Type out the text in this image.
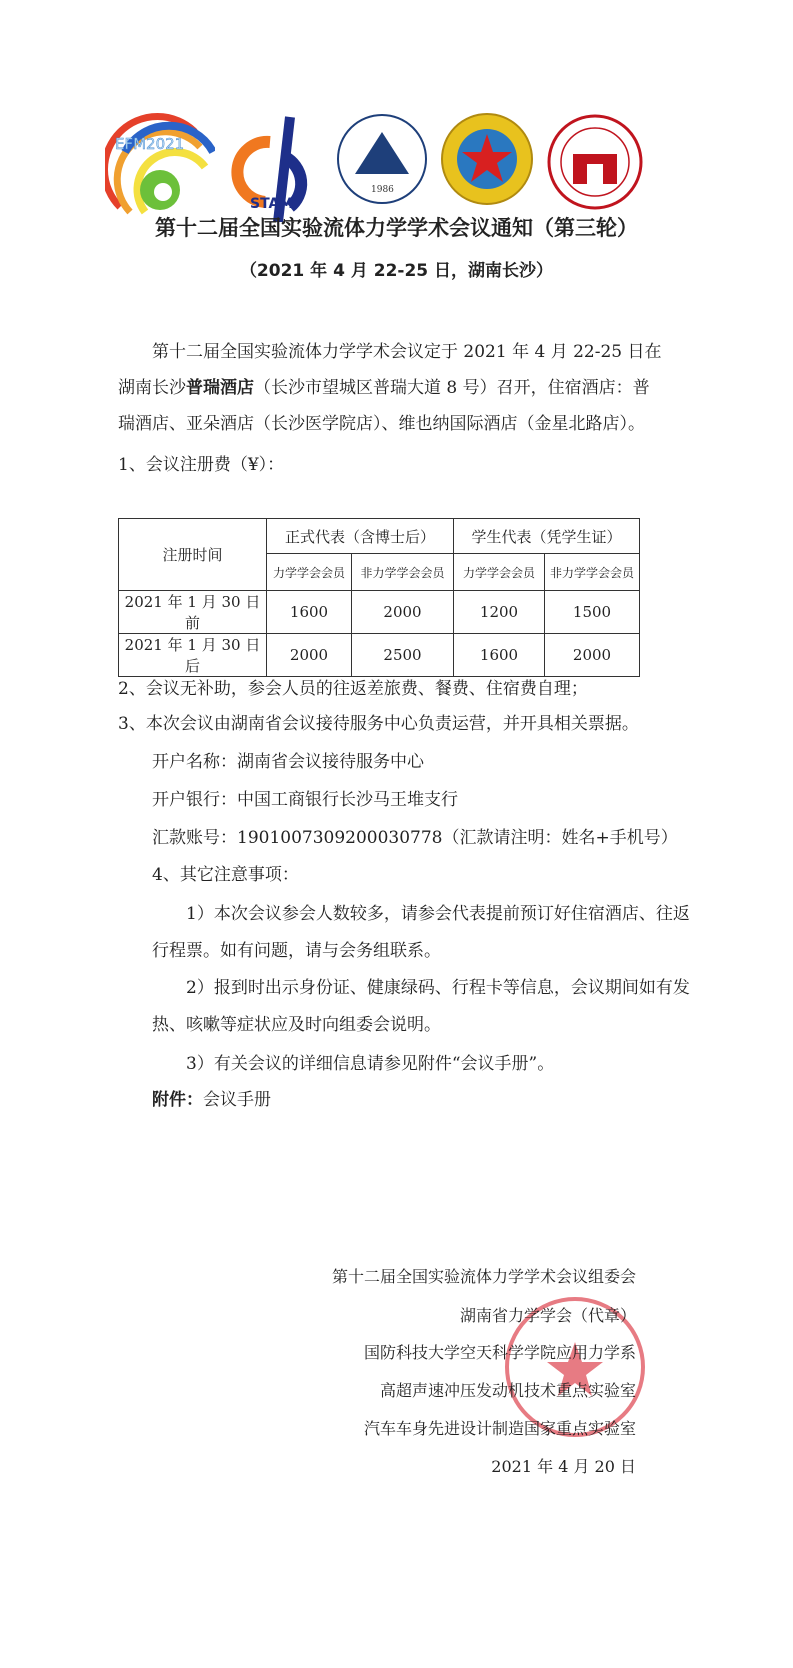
EFM2021
STAM
1986
第十二届全国实验流体力学学术会议通知（第三轮）
（2021 年 4 月 22-25 日，湖南长沙）
第十二届全国实验流体力学学术会议定于 2021 年 4 月 22-25 日在
湖南长沙普瑞酒店（长沙市望城区普瑞大道 8 号）召开，住宿酒店：普
瑞酒店、亚朵酒店（长沙医学院店）、维也纳国际酒店（金星北路店）。
1、会议注册费（¥）：
注册时间	正式代表（含博士后）		学生代表（凭学生证）	
	力学学会会员	非力学学会会员	力学学会会员	非力学学会会员
2021 年 1 月 30 日前	1600	2000	1200	1500
2021 年 1 月 30 日后	2000	2500	1600	2000
2、会议无补助，参会人员的往返差旅费、餐费、住宿费自理；
3、本次会议由湖南省会议接待服务中心负责运营，并开具相关票据。
开户名称：湖南省会议接待服务中心
开户银行：中国工商银行长沙马王堆支行
汇款账号：1901007309200030778（汇款请注明：姓名+手机号）
4、其它注意事项：
1）本次会议参会人数较多，请参会代表提前预订好住宿酒店、往返
行程票。如有问题，请与会务组联系。
2）报到时出示身份证、健康绿码、行程卡等信息，会议期间如有发
热、咳嗽等症状应及时向组委会说明。
3）有关会议的详细信息请参见附件“会议手册”。
附件：会议手册
第十二届全国实验流体力学学术会议组委会
湖南省力学学会（代章）
国防科技大学空天科学学院应用力学系
高超声速冲压发动机技术重点实验室
汽车车身先进设计制造国家重点实验室
2021 年 4 月 20 日
